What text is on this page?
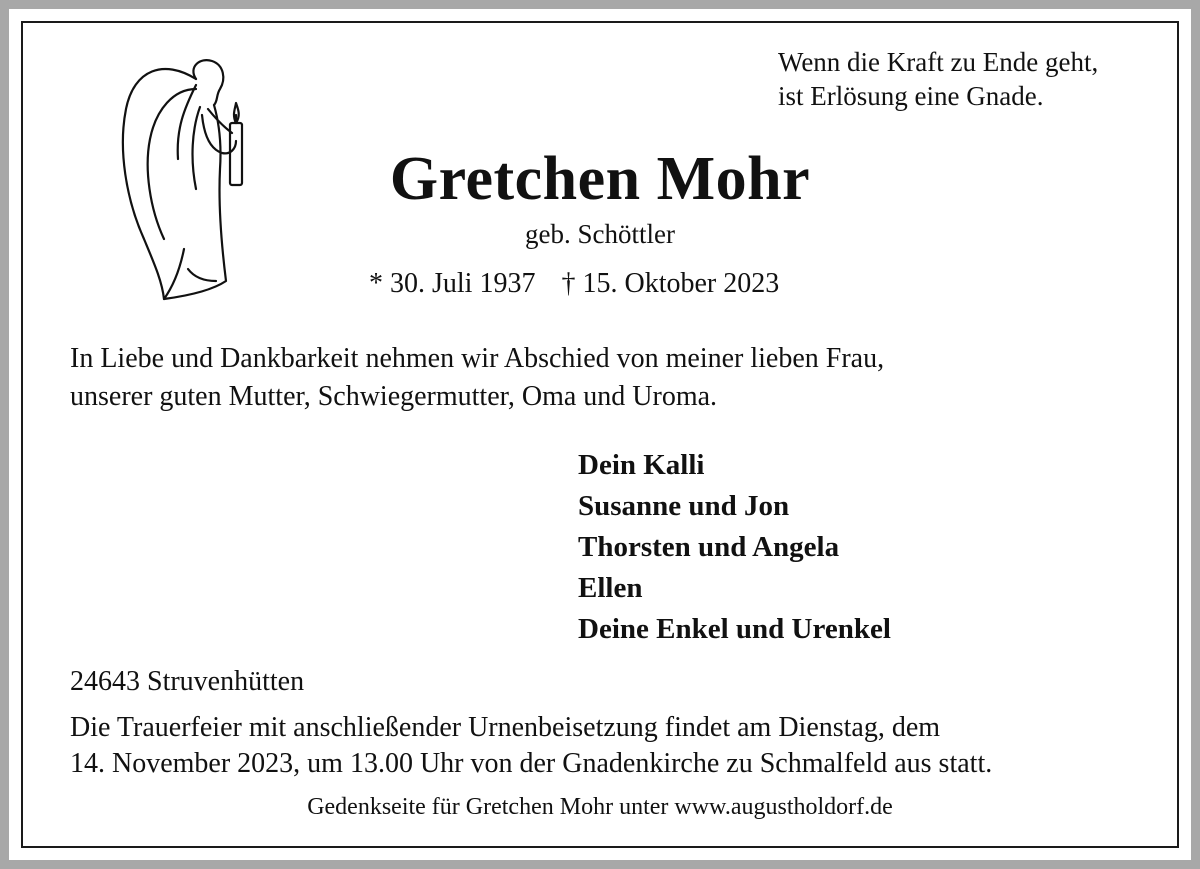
Wenn die Kraft zu Ende geht,
ist Erlösung eine Gnade.
Gretchen Mohr
geb. Schöttler
* 30. Juli 1937 † 15. Oktober 2023
In Liebe und Dankbarkeit nehmen wir Abschied von meiner lieben Frau,
unserer guten Mutter, Schwiegermutter, Oma und Uroma.
Dein Kalli
Susanne und Jon
Thorsten und Angela
Ellen
Deine Enkel und Urenkel
24643 Struvenhütten
Die Trauerfeier mit anschließender Urnenbeisetzung findet am Dienstag, dem
14. November 2023, um 13.00 Uhr von der Gnadenkirche zu Schmalfeld aus statt.
Gedenkseite für Gretchen Mohr unter www.augustholdorf.de
